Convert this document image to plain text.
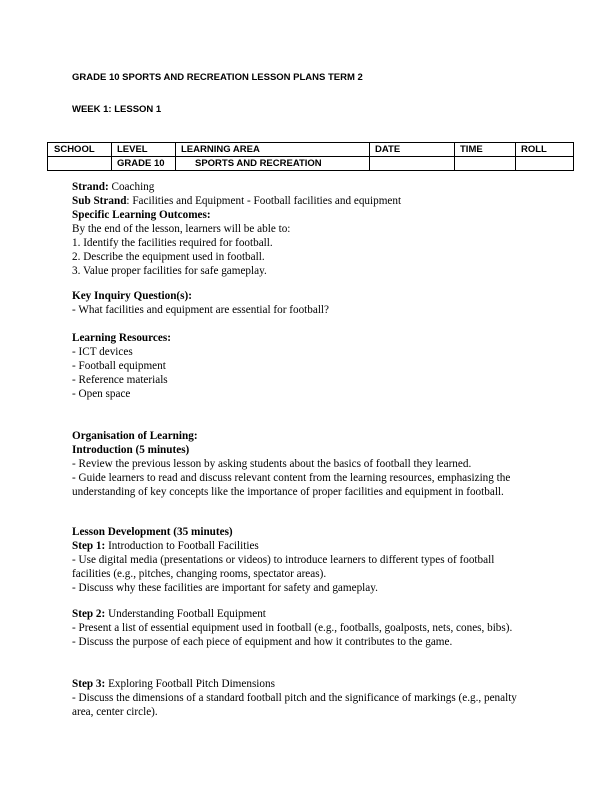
GRADE 10 SPORTS AND RECREATION LESSON PLANS TERM 2
WEEK 1: LESSON 1
SCHOOL	LEVEL	LEARNING AREA	DATE	TIME	ROLL
	GRADE 10	SPORTS AND RECREATION			
Strand: Coaching
Sub Strand: Facilities and Equipment - Football facilities and equipment
Specific Learning Outcomes:
By the end of the lesson, learners will be able to:
1. Identify the facilities required for football.
2. Describe the equipment used in football.
3. Value proper facilities for safe gameplay.
Key Inquiry Question(s):
- What facilities and equipment are essential for football?
Learning Resources:
- ICT devices
- Football equipment
- Reference materials
- Open space
Organisation of Learning:
Introduction (5 minutes)
- Review the previous lesson by asking students about the basics of football they learned.
- Guide learners to read and discuss relevant content from the learning resources, emphasizing the understanding of key concepts like the importance of proper facilities and equipment in football.
Lesson Development (35 minutes)
Step 1: Introduction to Football Facilities
- Use digital media (presentations or videos) to introduce learners to different types of football facilities (e.g., pitches, changing rooms, spectator areas).
- Discuss why these facilities are important for safety and gameplay.
Step 2: Understanding Football Equipment
- Present a list of essential equipment used in football (e.g., footballs, goalposts, nets, cones, bibs).
- Discuss the purpose of each piece of equipment and how it contributes to the game.
Step 3: Exploring Football Pitch Dimensions
- Discuss the dimensions of a standard football pitch and the significance of markings (e.g., penalty area, center circle).
